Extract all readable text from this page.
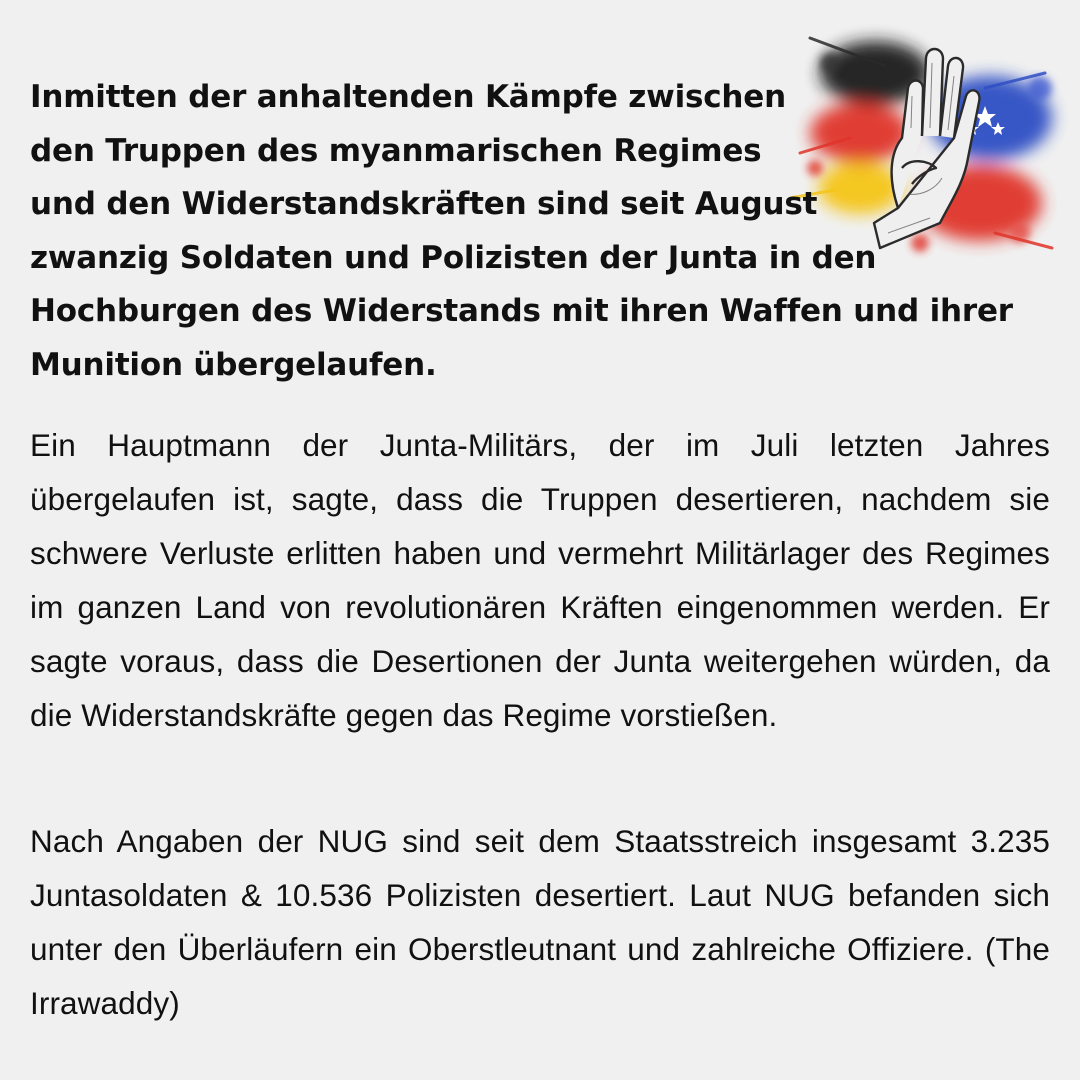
Inmitten der anhaltenden Kämpfe zwischen
den Truppen des myanmarischen Regimes
und den Widerstandskräften sind seit August
zwanzig Soldaten und Polizisten der Junta in den
Hochburgen des Widerstands mit ihren Waffen und ihrer
Munition übergelaufen.

Ein Hauptmann der Junta-Militärs, der im Juli letzten Jahres übergelaufen ist, sagte, dass die Truppen desertieren, nachdem sie schwere Verluste erlitten haben und vermehrt Militärlager des Regimes im ganzen Land von revolutionären Kräften eingenommen werden. Er sagte voraus, dass die Desertionen der Junta weitergehen würden, da die Widerstandskräfte gegen das Regime vorstießen.

Nach Angaben der NUG sind seit dem Staatsstreich insgesamt 3.235 Juntasoldaten & 10.536 Polizisten desertiert. Laut NUG befanden sich unter den Überläufern ein Oberstleutnant und zahlreiche Offiziere. (The Irrawaddy)
